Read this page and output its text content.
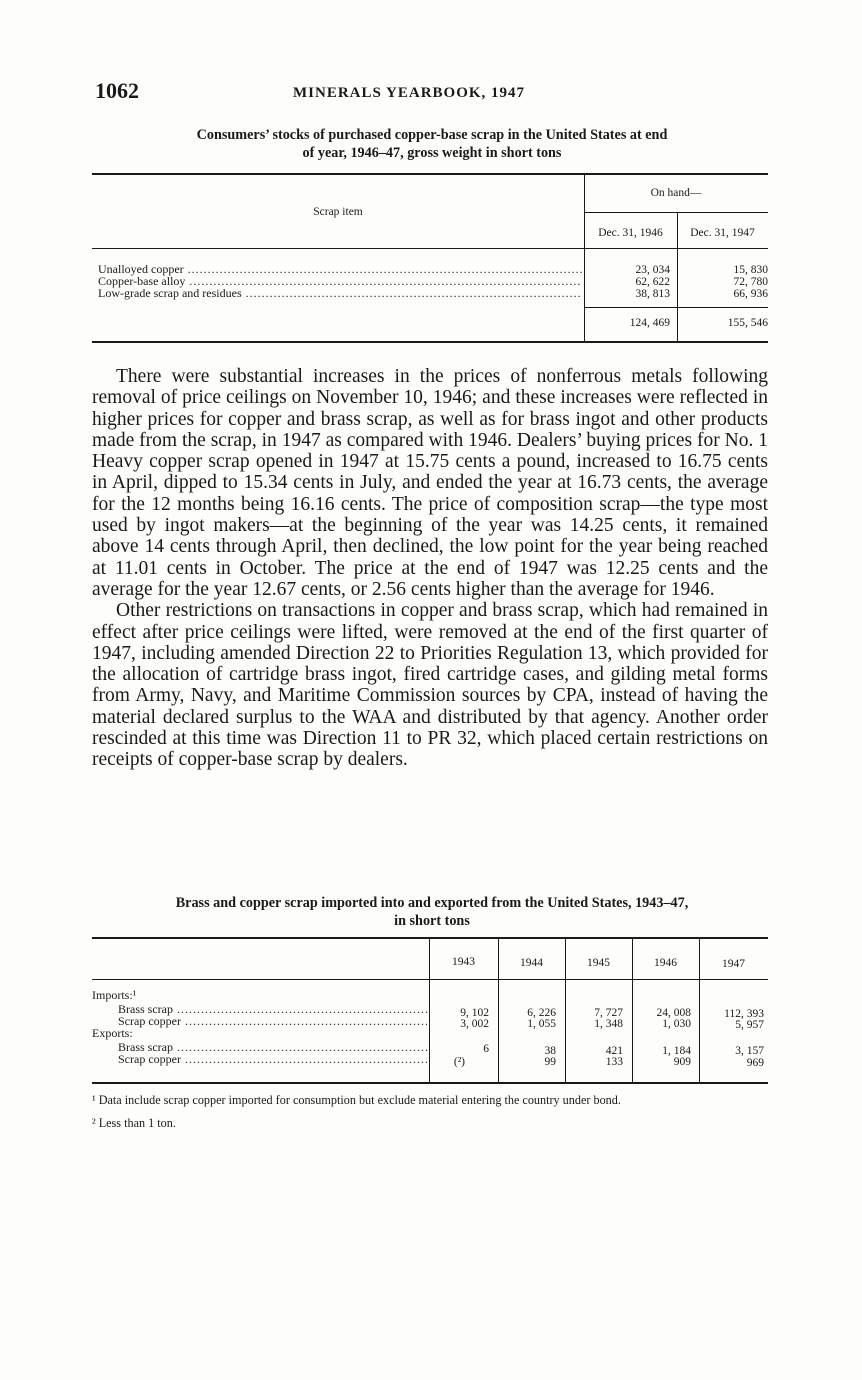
1062	MINERALS YEARBOOK, 1947
Consumers’ stocks of purchased copper-base scrap in the United States at end
of year, 1946–47, gross weight in short tons
Scrap item
On hand—
Dec. 31, 1946	Dec. 31, 1947
Unalloyed copper .....	23, 034	15, 830
Copper-base alloy .....	62, 622	72, 780
Low-grade scrap and residues .....	38, 813	66, 936
124, 469	155, 546

There were substantial increases in the prices of nonferrous metals following removal of price ceilings on November 10, 1946; and these increases were reflected in higher prices for copper and brass scrap, as well as for brass ingot and other products made from the scrap, in 1947 as compared with 1946. Dealers’ buying prices for No. 1 Heavy copper scrap opened in 1947 at 15.75 cents a pound, increased to 16.75 cents in April, dipped to 15.34 cents in July, and ended the year at 16.73 cents, the average for the 12 months being 16.16 cents. The price of composition scrap—the type most used by ingot makers—at the beginning of the year was 14.25 cents, it remained above 14 cents through April, then declined, the low point for the year being reached at 11.01 cents in October. The price at the end of 1947 was 12.25 cents and the average for the year 12.67 cents, or 2.56 cents higher than the average for 1946.

Other restrictions on transactions in copper and brass scrap, which had remained in effect after price ceilings were lifted, were removed at the end of the first quarter of 1947, including amended Direction 22 to Priorities Regulation 13, which provided for the allocation of cartridge brass ingot, fired cartridge cases, and gilding metal forms from Army, Navy, and Maritime Commission sources by CPA, instead of having the material declared surplus to the WAA and distributed by that agency. Another order rescinded at this time was Direction 11 to PR 32, which placed certain restrictions on receipts of copper-base scrap by dealers.

Brass and copper scrap imported into and exported from the United States, 1943–47,
in short tons
1943	1944	1945	1946	1947
Imports:¹
Brass scrap .....	9, 102	6, 226	7, 727	24, 008	112, 393
Scrap copper .....	3, 002	1, 055	1, 348	1, 030	5, 957
Exports:
Brass scrap .....	6	38	421	1, 184	3, 157
Scrap copper .....	(²)	99	133	909	969
¹ Data include scrap copper imported for consumption but exclude material entering the country under bond.
² Less than 1 ton.
